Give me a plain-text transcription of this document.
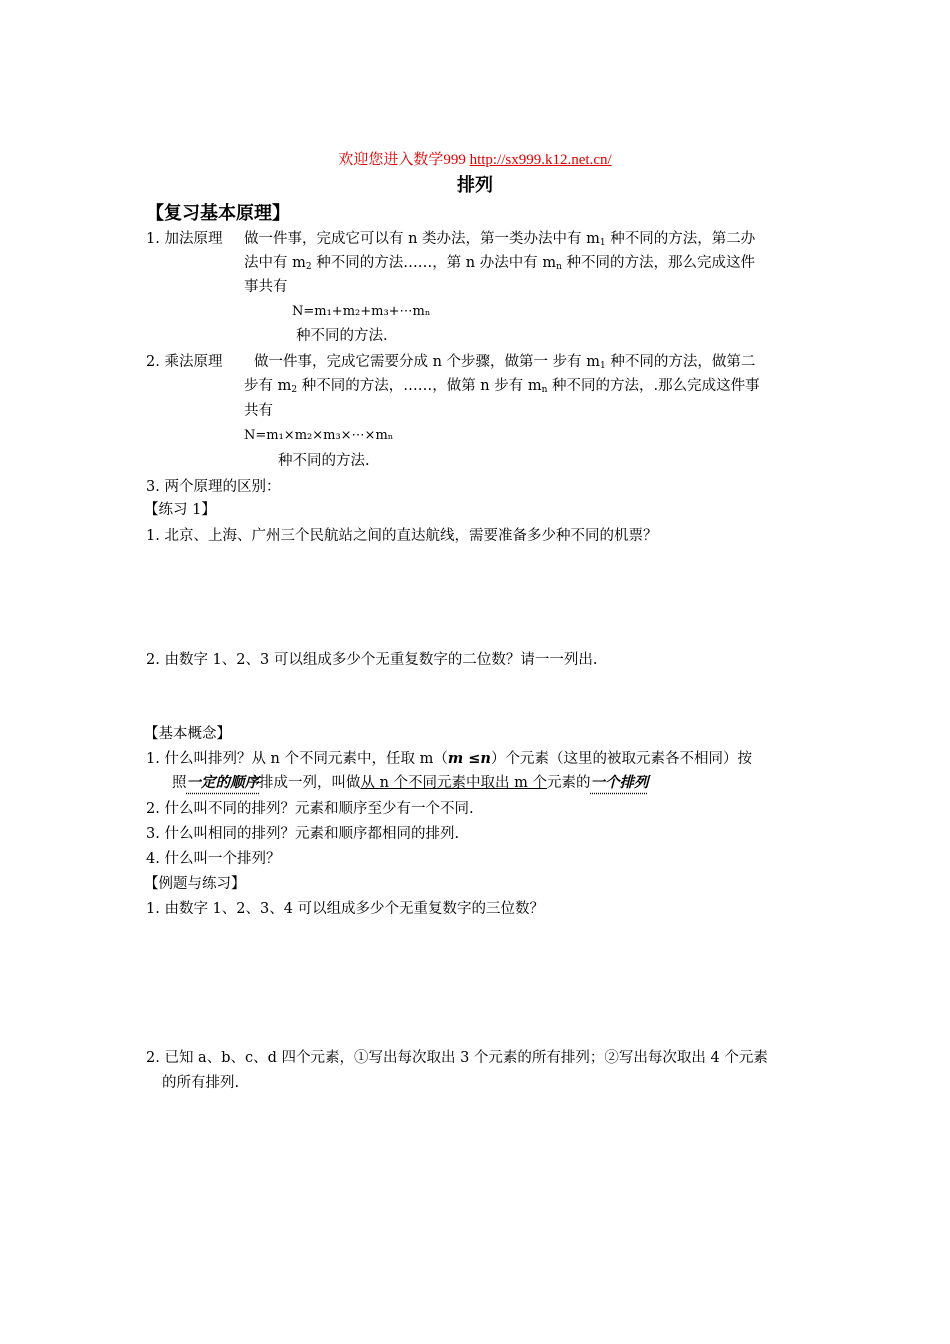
欢迎您进入数学999 http://sx999.k12.net.cn/
排列
【复习基本原理】
1. 加法原理 做一件事，完成它可以有 n 类办法，第一类办法中有 $m_1$ 种不同的方法，第二办
法中有 $m_2$ 种不同的方法……，第 n 办法中有 $m_n$ 种不同的方法，那么完成这件
事共有
N=m₁+m₂+m₃+⋯mₙ
种不同的方法.
2. 乘法原理 做一件事，完成它需要分成 n 个步骤，做第一 步有 $m_1$ 种不同的方法，做第二
步有 $m_2$ 种不同的方法，……，做第 n 步有 $m_n$ 种不同的方法，.那么完成这件事
共有
N=m₁×m₂×m₃×⋯×mₙ
种不同的方法.
3. 两个原理的区别：
【练习 1】
1. 北京、上海、广州三个民航站之间的直达航线，需要准备多少种不同的机票？
2. 由数字 1、2、3 可以组成多少个无重复数字的二位数？请一一列出.
【基本概念】
1. 什么叫排列？从 n 个不同元素中，任取 m（m ≤n）个元素（这里的被取元素各不相同）按
照一定的顺序排成一列，叫做从 n 个不同元素中取出 m 个元素的一个排列
2. 什么叫不同的排列？元素和顺序至少有一个不同.
3. 什么叫相同的排列？元素和顺序都相同的排列.
4. 什么叫一个排列？
【例题与练习】
1. 由数字 1、2、3、4 可以组成多少个无重复数字的三位数？
2. 已知 a、b、c、d 四个元素，①写出每次取出 3 个元素的所有排列；②写出每次取出 4 个元素
的所有排列.
